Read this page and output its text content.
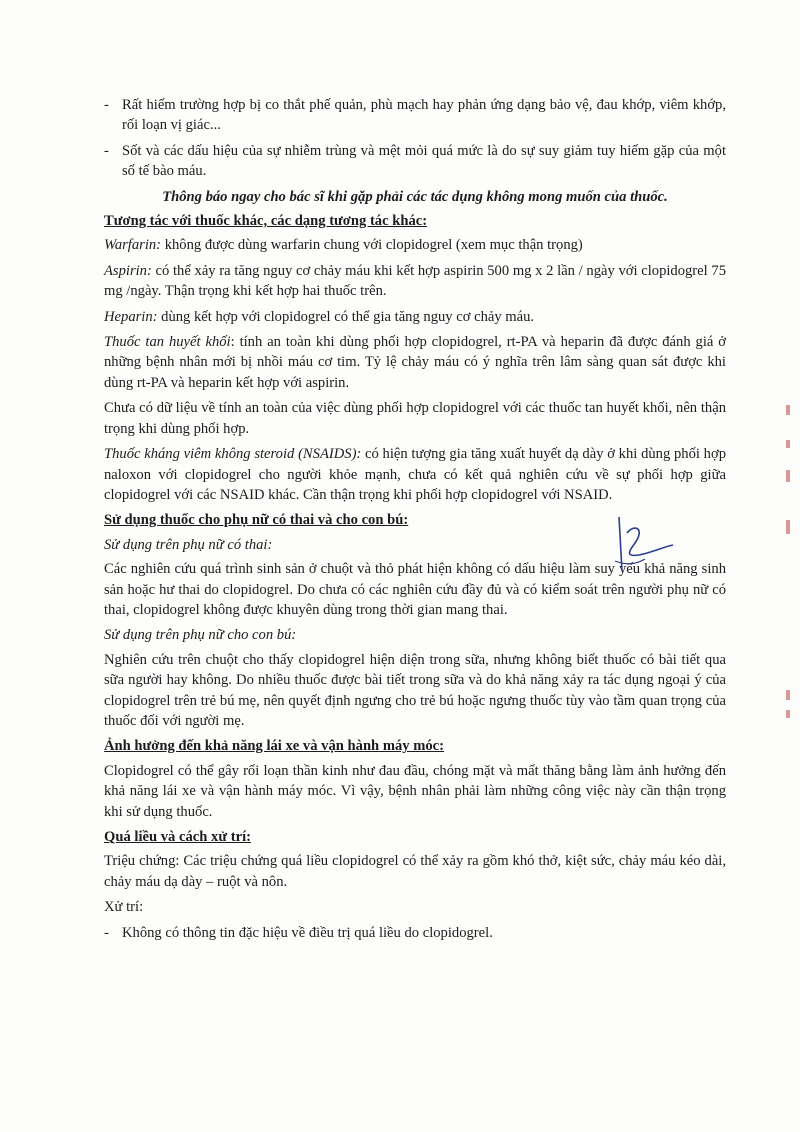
- Rất hiếm trường hợp bị co thắt phế quản, phù mạch hay phản ứng dạng bảo vệ, đau khớp, viêm khớp, rối loạn vị giác...

- Sốt và các dấu hiệu của sự nhiễm trùng và mệt mỏi quá mức là do sự suy giảm tuy hiếm gặp của một số tế bào máu.

Thông báo ngay cho bác sĩ khi gặp phải các tác dụng không mong muốn của thuốc.

Tương tác với thuốc khác, các dạng tương tác khác:

Warfarin: không được dùng warfarin chung với clopidogrel (xem mục thận trọng)

Aspirin: có thể xảy ra tăng nguy cơ chảy máu khi kết hợp aspirin 500 mg x 2 lần / ngày với clopidogrel 75 mg /ngày. Thận trọng khi kết hợp hai thuốc trên.

Heparin: dùng kết hợp với clopidogrel có thể gia tăng nguy cơ chảy máu.

Thuốc tan huyết khối: tính an toàn khi dùng phối hợp clopidogrel, rt-PA và heparin đã được đánh giá ở những bệnh nhân mới bị nhồi máu cơ tim. Tỷ lệ chảy máu có ý nghĩa trên lâm sàng quan sát được khi dùng rt-PA và heparin kết hợp với aspirin.

Chưa có dữ liệu về tính an toàn của việc dùng phối hợp clopidogrel với các thuốc tan huyết khối, nên thận trọng khi dùng phối hợp.

Thuốc kháng viêm không steroid (NSAIDS): có hiện tượng gia tăng xuất huyết dạ dày ở khi dùng phối hợp naloxon với clopidogrel cho người khỏe mạnh, chưa có kết quả nghiên cứu về sự phối hợp giữa clopidogrel với các NSAID khác. Cần thận trọng khi phối hợp clopidogrel với NSAID.

Sử dụng thuốc cho phụ nữ có thai và cho con bú:

Sử dụng trên phụ nữ có thai:

Các nghiên cứu quá trình sinh sản ở chuột và thỏ phát hiện không có dấu hiệu làm suy yếu khả năng sinh sản hoặc hư thai do clopidogrel. Do chưa có các nghiên cứu đầy đủ và có kiểm soát trên người phụ nữ có thai, clopidogrel không được khuyên dùng trong thời gian mang thai.

Sử dụng trên phụ nữ cho con bú:

Nghiên cứu trên chuột cho thấy clopidogrel hiện diện trong sữa, nhưng không biết thuốc có bài tiết qua sữa người hay không. Do nhiều thuốc được bài tiết trong sữa và do khả năng xảy ra tác dụng ngoại ý của clopidogrel trên trẻ bú mẹ, nên quyết định ngưng cho trẻ bú hoặc ngưng thuốc tùy vào tầm quan trọng của thuốc đối với người mẹ.

Ảnh hưởng đến khả năng lái xe và vận hành máy móc:

Clopidogrel có thể gây rối loạn thần kinh như đau đầu, chóng mặt và mất thăng bằng làm ảnh hưởng đến khả năng lái xe và vận hành máy móc. Vì vậy, bệnh nhân phải làm những công việc này cần thận trọng khi sử dụng thuốc.

Quá liều và cách xử trí:

Triệu chứng: Các triệu chứng quá liều clopidogrel có thể xảy ra gồm khó thở, kiệt sức, chảy máu kéo dài, chảy máu dạ dày – ruột và nôn.

Xử trí:

- Không có thông tin đặc hiệu về điều trị quá liều do clopidogrel.
